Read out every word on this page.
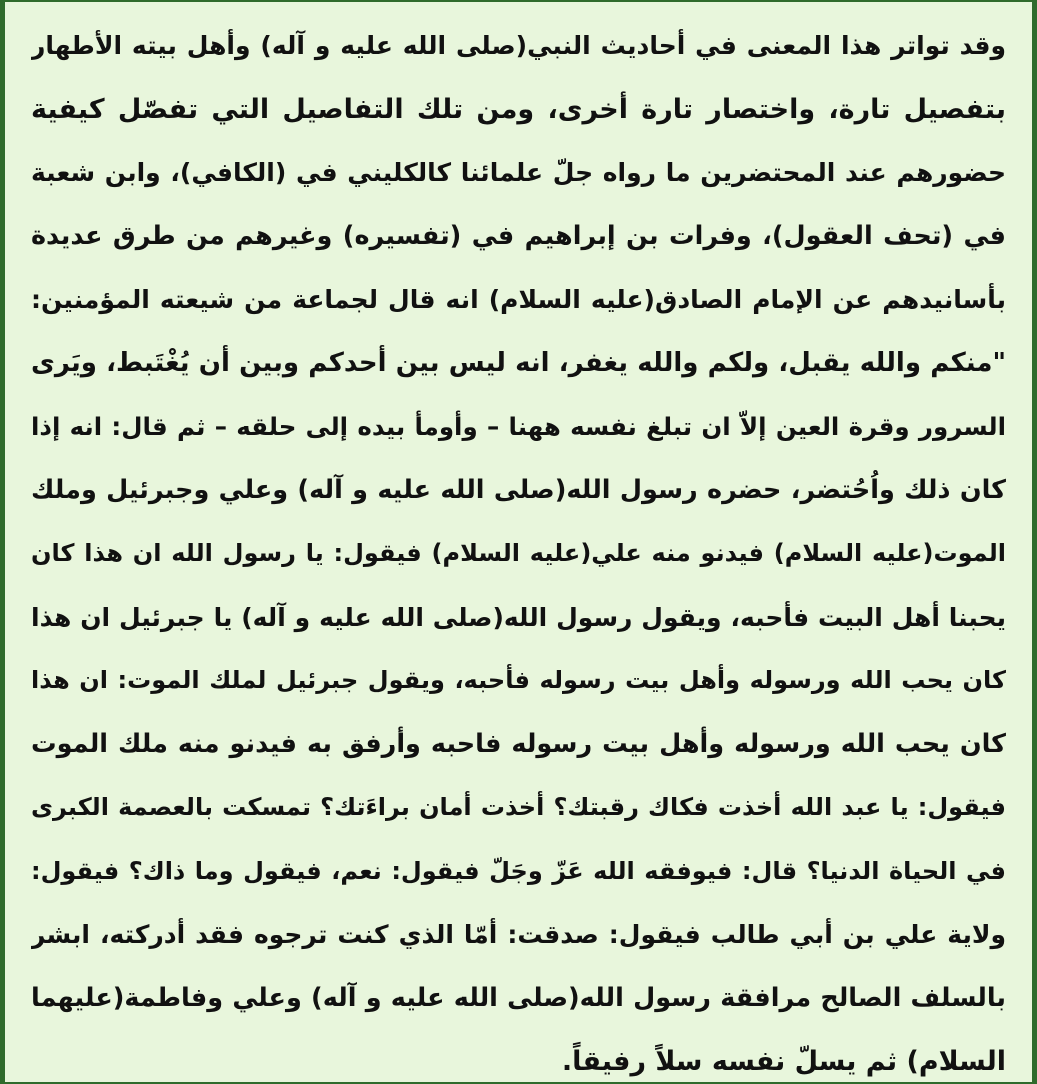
وقد تواتر هذا المعنى في أحاديث النبي(صلى الله عليه و آله) وأهل بيته الأطهار
بتفصيل تارة، واختصار تارة أخرى، ومن تلك التفاصيل التي تفصّل كيفية
حضورهم عند المحتضرين ما رواه جلّ علمائنا كالكليني في (الكافي)، وابن شعبة
في (تحف العقول)، وفرات بن إبراهيم في (تفسيره) وغيرهم من طرق عديدة
بأسانيدهم عن الإمام الصادق(عليه السلام) انه قال لجماعة من شيعته المؤمنين:
"منكم والله يقبل، ولكم والله يغفر، انه ليس بين أحدكم وبين أن يُغْتَبط، ويَرى
السرور وقرة العين إلاّ ان تبلغ نفسه ههنا – وأومأ بيده إلى حلقه – ثم قال: انه إذا
كان ذلك واُحُتضر، حضره رسول الله(صلى الله عليه و آله) وعلي وجبرئيل وملك
الموت(عليه السلام) فيدنو منه علي(عليه السلام) فيقول: يا رسول الله ان هذا كان
يحبنا أهل البيت فأحبه، ويقول رسول الله(صلى الله عليه و آله) يا جبرئيل ان هذا
كان يحب الله ورسوله وأهل بيت رسوله فأحبه، ويقول جبرئيل لملك الموت: ان هذا
كان يحب الله ورسوله وأهل بيت رسوله فاحبه وأرفق به فيدنو منه ملك الموت
فيقول: يا عبد الله أخذت فكاك رقبتك؟ أخذت أمان براءَتك؟ تمسكت بالعصمة الكبرى
في الحياة الدنيا؟ قال: فيوفقه الله عَزّ وجَلّ فيقول: نعم، فيقول وما ذاك؟ فيقول:
ولاية علي بن أبي طالب فيقول: صدقت: أمّا الذي كنت ترجوه فقد أدركته، ابشر
بالسلف الصالح مرافقة رسول الله(صلى الله عليه و آله) وعلي وفاطمة(عليهما
السلام) ثم يسلّ نفسه سلاً رفيقاً.
